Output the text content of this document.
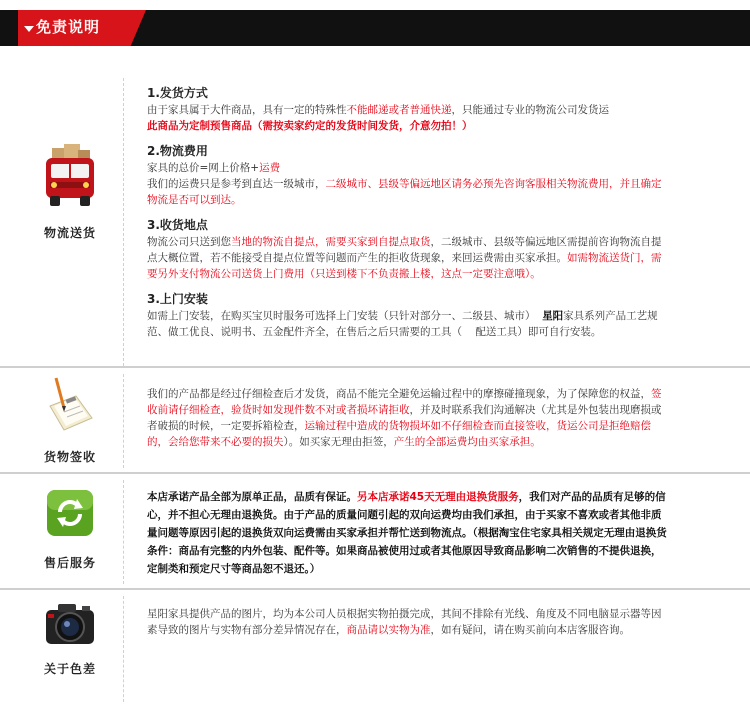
免责说明
物流送货
1.发货方式

由于家具属于大件商品，具有一定的特殊性不能邮递或者普通快递，只能通过专业的物流公司发货运

此商品为定制预售商品（需按卖家约定的发货时间发货，介意勿拍！）

2.物流费用

家具的总价=网上价格+运费

我们的运费只是参考到直达一级城市，二级城市、县级等偏远地区请务必预先咨询客服相关物流费用，并且确定物流是否可以到达。

3.收货地点

物流公司只送到您当地的物流自提点，需要买家到自提点取货，二级城市、县级等偏远地区需提前咨询物流自提点大概位置，若不能接受自提点位置等问题而产生的拒收货现象，来回运费需由买家承担。如需物流送货门，需要另外支付物流公司送货上门费用（只送到楼下不负责搬上楼，这点一定要注意哦）。

3.上门安装

如需上门安装，在购买宝贝时服务可选择上门安装（只针对部分一、二级县、城市） 星阳家具系列产品工艺规范、做工优良、说明书、五金配件齐全，在售后之后只需要的工具（ 配送工具）即可自行安装。

货物签收

我们的产品都是经过仔细检查后才发货，商品不能完全避免运输过程中的摩擦碰撞现象，为了保障您的权益，签收前请仔细检查，验货时如发现件数不对或者损坏请拒收，并及时联系我们沟通解决（尤其是外包装出现磨损或者破损的时候，一定要拆箱检查，运输过程中造成的货物损坏如不仔细检查而直接签收，货运公司是拒绝赔偿的，会给您带来不必要的损失）。如买家无理由拒签，产生的全部运费均由买家承担。

售后服务

本店承诺产品全部为原单正品，品质有保证。另本店承诺45天无理由退换货服务，我们对产品的品质有足够的信心，并不担心无理由退换货。由于产品的质量问题引起的双向运费均由我们承担，由于买家不喜欢或者其他非质量问题等原因引起的退换货双向运费需由买家承担并帮忙送到物流点。（根据淘宝住宅家具相关规定无理由退换货条件：商品有完整的内外包装、配件等。如果商品被使用过或者其他原因导致商品影响二次销售的不提供退换，定制类和预定尺寸等商品恕不退还。）

关于色差

星阳家具提供产品的图片，均为本公司人员根据实物拍摄完成，其间不排除有光线、角度及不同电脑显示器等因素导致的图片与实物有部分差异情况存在，商品请以实物为准，如有疑问，请在购买前向本店客服咨询。
